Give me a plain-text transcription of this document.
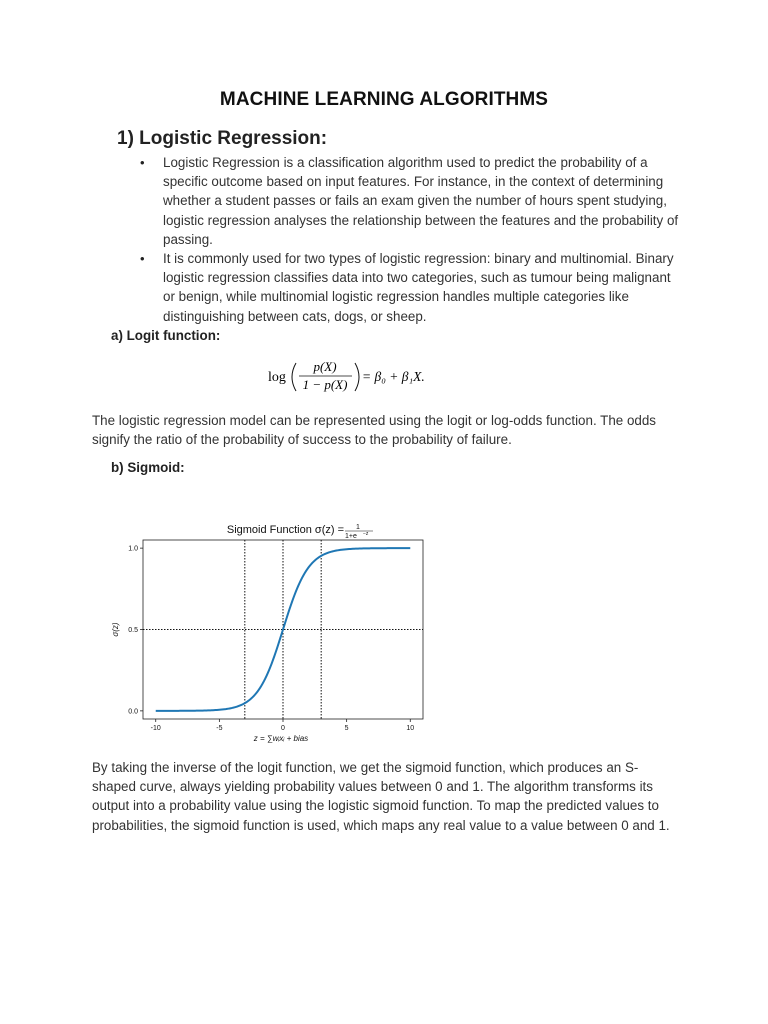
MACHINE LEARNING ALGORITHMS
1) Logistic Regression:
• Logistic Regression is a classification algorithm used to predict the probability of a specific outcome based on input features. For instance, in the context of determining whether a student passes or fails an exam given the number of hours spent studying, logistic regression analyses the relationship between the features and the probability of passing.
• It is commonly used for two types of logistic regression: binary and multinomial. Binary logistic regression classifies data into two categories, such as tumour being malignant or benign, while multinomial logistic regression handles multiple categories like distinguishing between cats, dogs, or sheep.
a) Logit function:
log
p(X)
1 − p(X)
= β₀ + β₁X.

The logistic regression model can be represented using the logit or log-odds function. The odds signify the ratio of the probability of success to the probability of failure.

b) Sigmoid:
Sigmoid Function σ(z) = 1
1+e −z
-10	-5	0	5	10
0.0
0.5
1.0
z = ∑wᵢxᵢ + bias
σ(z)

By taking the inverse of the logit function, we get the sigmoid function, which produces an S-shaped curve, always yielding probability values between 0 and 1. The algorithm transforms its output into a probability value using the logistic sigmoid function. To map the predicted values to probabilities, the sigmoid function is used, which maps any real value to a value between 0 and 1.
